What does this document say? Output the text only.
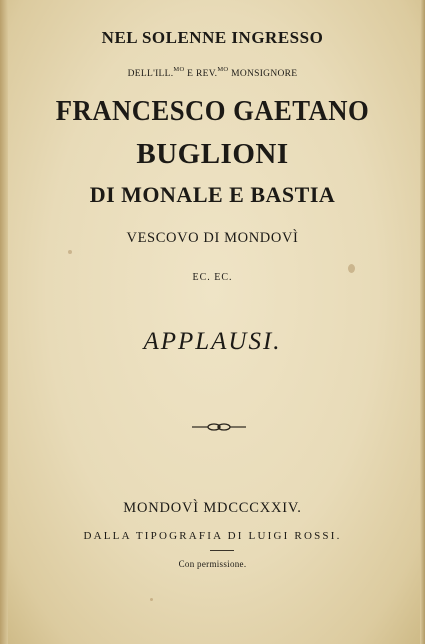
NEL SOLENNE INGRESSO
DELL'ILL.$^{MO}$ E REV.$^{MO}$ MONSIGNORE
FRANCESCO GAETANO
BUGLIONI
DI MONALE E BASTIA
VESCOVO DI MONDOVÌ
EC. EC.
APPLAUSI.
MONDOVÌ MDCCCXXIV.
DALLA TIPOGRAFIA DI LUIGI ROSSI.
Con permissione.
